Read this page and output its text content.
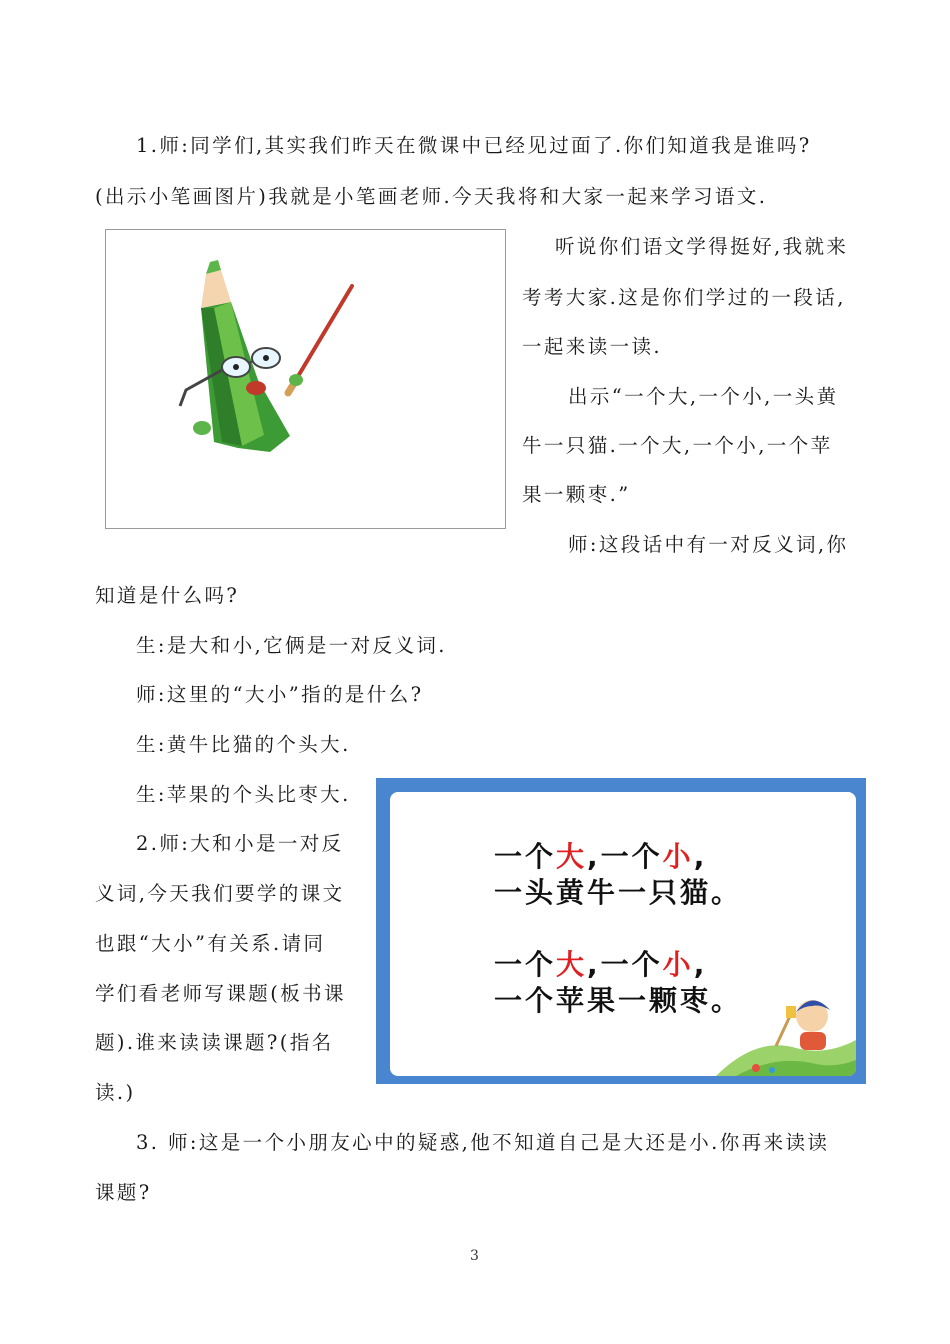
1.师:同学们,其实我们昨天在微课中已经见过面了.你们知道我是谁吗?
(出示小笔画图片)我就是小笔画老师.今天我将和大家一起来学习语文.
听说你们语文学得挺好,我就来
考考大家.这是你们学过的一段话,
一起来读一读.
出示“一个大,一个小,一头黄
牛一只猫.一个大,一个小,一个苹
果一颗枣.”
师:这段话中有一对反义词,你
知道是什么吗?
生:是大和小,它俩是一对反义词.
师:这里的“大小”指的是什么?
生:黄牛比猫的个头大.
生:苹果的个头比枣大.
2.师:大和小是一对反
义词,今天我们要学的课文
也跟“大小”有关系.请同
学们看老师写课题(板书课
题).谁来读读课题?(指名
读.)
一个大,一个小,
一头黄牛一只猫。
一个大,一个小,
一个苹果一颗枣。
3. 师:这是一个小朋友心中的疑惑,他不知道自己是大还是小.你再来读读
课题?
3
